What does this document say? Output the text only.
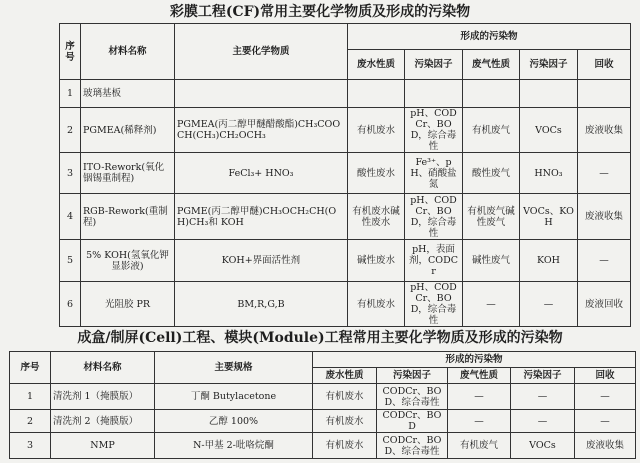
彩膜工程(CF)常用主要化学物质及形成的污染物
序号	材料名称	主要化学物质	形成的污染物				
			废水性质	污染因子	废气性质	污染因子	回收
1	玻璃基板						
2	PGMEA(稀释剂)	PGMEA(丙二醇甲醚醋酸酯)CH₃COOCH(CH₃)CH₂OCH₃	有机废水	pH、CODCr、BOD，综合毒性	有机废气	VOCs	废液收集
3	ITO-Rework(氧化铟锡重制程)	FeCl₃+ HNO₃	酸性废水	Fe³⁺、pH、硝酸盐氮	酸性废气	HNO₃	—
4	RGB-Rework(重制程)	PGME(丙二醇甲醚)CH₃OCH₂CH(OH)CH₃和 KOH	有机废水碱性废水	pH、CODCr、BOD，综合毒性	有机废气碱性废气	VOCs、KOH	废液收集
5	5% KOH(氢氧化钾显影液)	KOH+界面活性剂	碱性废水	pH，表面剂，CODCr	碱性废气	KOH	—
6	光阻胶 PR	BM,R,G,B	有机废水	pH、CODCr、BOD，综合毒性	—	—	废液回收
成盒/制屏(Cell)工程、模块(Module)工程常用主要化学物质及形成的污染物
序号	材料名称	主要规格	形成的污染物				
			废水性质	污染因子	废气性质	污染因子	回收
1	清洗剂 1（掩膜版）	丁酮 Butylacetone	有机废水	CODCr、BOD、综合毒性	—	—	—
2	清洗剂 2（掩膜版）	乙醇 100%	有机废水	CODCr、BOD	—	—	—
3	NMP	N-甲基 2-吡咯烷酮	有机废水	CODCr、BOD、综合毒性	有机废气	VOCs	废液收集
